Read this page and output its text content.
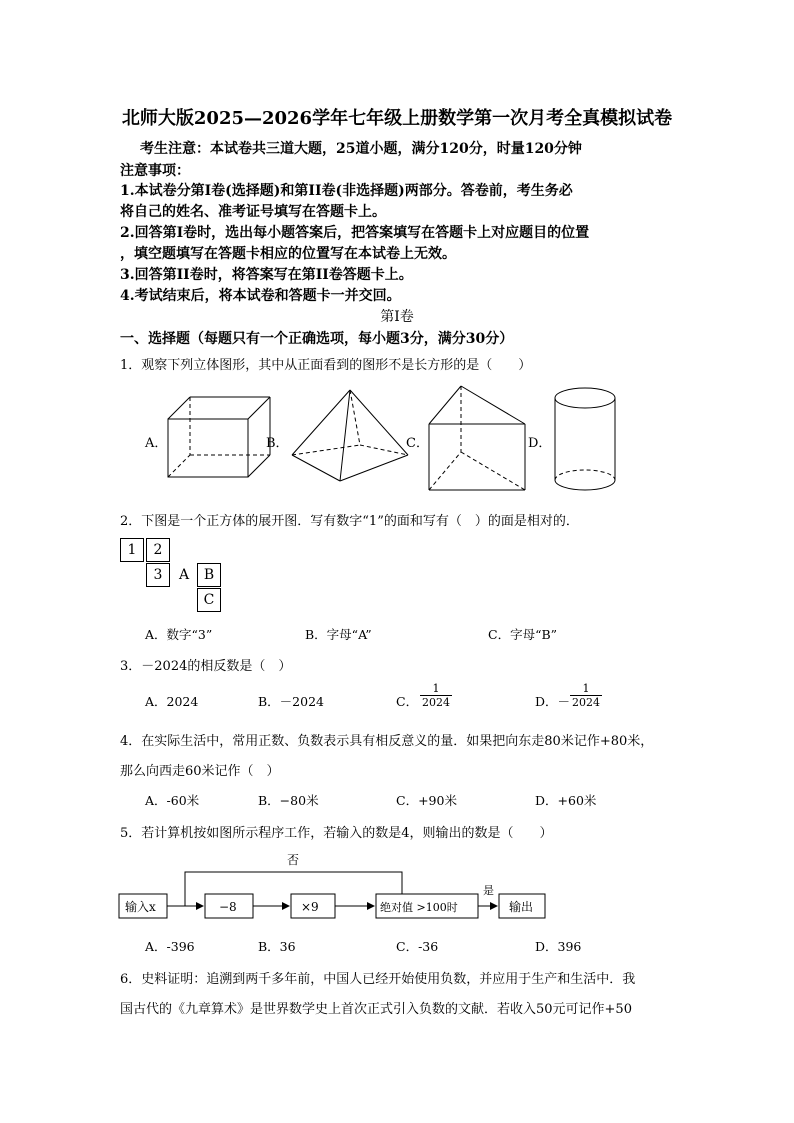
北师大版2025—2026学年七年级上册数学第一次月考全真模拟试卷
考生注意：本试卷共三道大题，25道小题，满分120分，时量120分钟
注意事项：
1.本试卷分第Ⅰ卷(选择题)和第II卷(非选择题)两部分。答卷前，考生务必
将自己的姓名、准考证号填写在答题卡上。
2.回答第Ⅰ卷时，选出每小题答案后，把答案填写在答题卡上对应题目的位置
，填空题填写在答题卡相应的位置写在本试卷上无效。
3.回答第II卷时，将答案写在第II卷答题卡上。
4.考试结束后，将本试卷和答题卡一并交回。
第Ⅰ卷
一、选择题（每题只有一个正确选项，每小题3分，满分30分）
1．观察下列立体图形，其中从正面看到的图形不是长方形的是（　　）
A．	B．	C．	D．
2．下图是一个正方体的展开图．写有数字“1”的面和写有（　）的面是相对的．
1	2
3	A	B
C
A．数字“3”	B．字母“A”	C．字母“B”
3．－2024的相反数是（　）
A．2024	B．－2024	C． $\frac{1}{2024}$	D．－ $\frac{1}{2024}$
4．在实际生活中，常用正数、负数表示具有相反意义的量．如果把向东走80米记作+80米，
那么向西走60米记作（　）
A．-60米	B．−80米	C．+90米	D．+60米
5．若计算机按如图所示程序工作，若输入的数是4，则输出的数是（　　）
输入x	−8	×9	绝对值 >100时	输出
否
是
A．-396	B．36	C．-36	D．396
6．史料证明：追溯到两千多年前，中国人已经开始使用负数，并应用于生产和生活中．我
国古代的《九章算术》是世界数学史上首次正式引入负数的文献．若收入50元可记作+50
